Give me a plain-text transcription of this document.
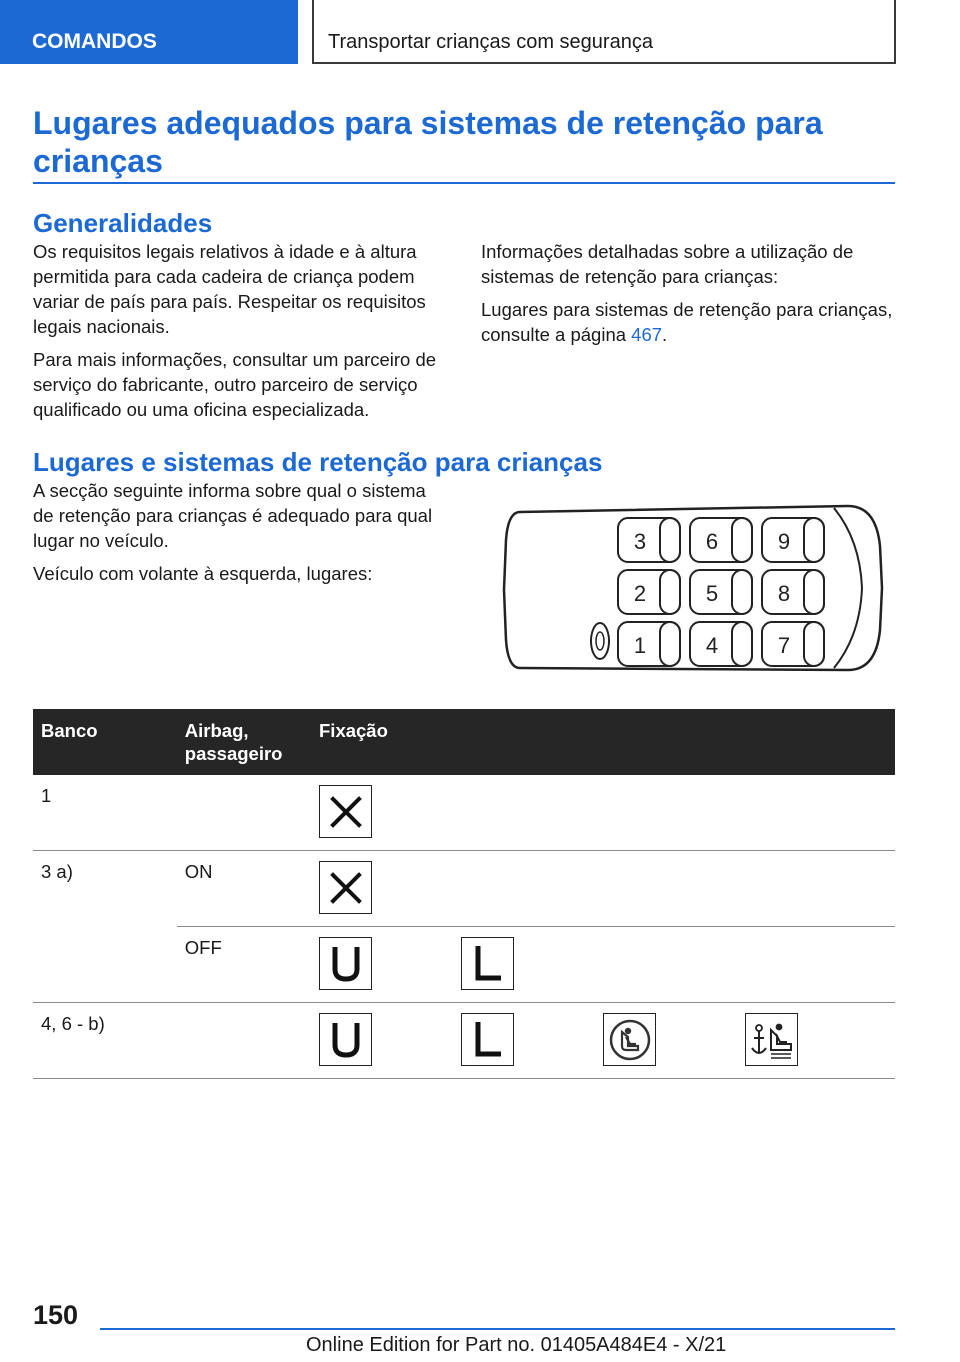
COMANDOS	Transportar crianças com segurança
Lugares adequados para sistemas de retenção para crianças
Generalidades

Os requisitos legais relativos à idade e à altura permitida para cada cadeira de criança podem variar de país para país. Respeitar os requisitos legais nacionais.

Para mais informações, consultar um parceiro de serviço do fabricante, outro parceiro de serviço qualificado ou uma oficina especializada.

Informações detalhadas sobre a utilização de sistemas de retenção para crianças:

Lugares para sistemas de retenção para crianças, consulte a página 467.

Lugares e sistemas de retenção para crianças

A secção seguinte informa sobre qual o sistema de retenção para crianças é adequado para qual lugar no veículo.

Veículo com volante à esquerda, lugares:

3	6	9
2	5	8
1	4	7
Banco	Airbag, passageiro	Fixação
1		

3 a)	ON	

	OFF	

4, 6 - b)		
150
Online Edition for Part no. 01405A484E4 - X/21
